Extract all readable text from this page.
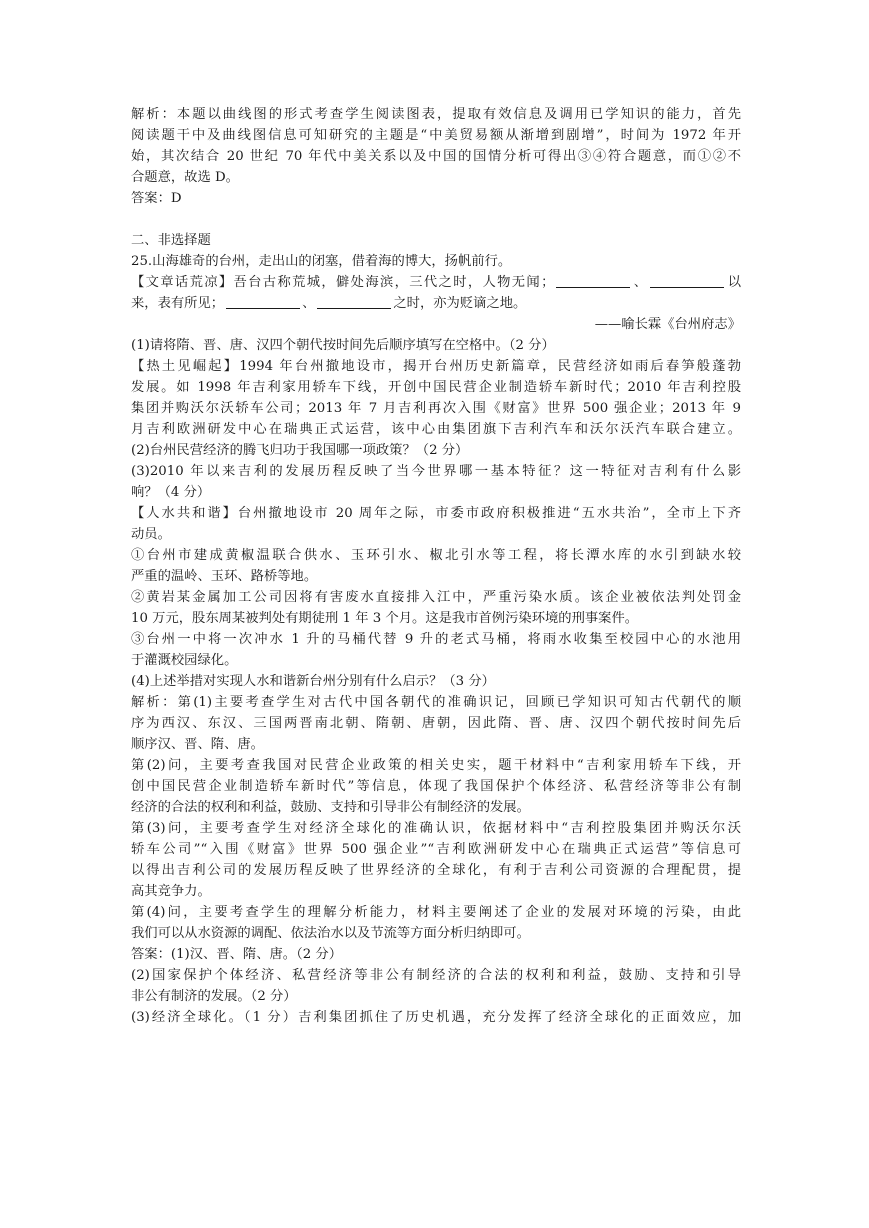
解析：本题以曲线图的形式考查学生阅读图表，提取有效信息及调用已学知识的能力，首先
阅读题干中及曲线图信息可知研究的主题是“中美贸易额从渐增到剧增”，时间为 1972 年开
始，其次结合 20 世纪 70 年代中美关系以及中国的国情分析可得出③④符合题意，而①②不
合题意，故选 D。
答案：D
二、非选择题
25.山海雄奇的台州，走出山的闭塞，借着海的博大，扬帆前行。
【文章话荒凉】吾台古称荒城，僻处海滨，三代之时，人物无闻；	、	以
来，表有所见；	、	之时，亦为贬谪之地。
——喻长霖《台州府志》
(1)请将隋、晋、唐、汉四个朝代按时间先后顺序填写在空格中。（2 分）
【热土见崛起】1994 年台州撤地设市，揭开台州历史新篇章，民营经济如雨后春笋般蓬勃
发展。如 1998 年吉利家用轿车下线，开创中国民营企业制造轿车新时代；2010 年吉利控股
集团并购沃尔沃轿车公司；2013 年 7 月吉利再次入围《财富》世界 500 强企业；2013 年 9
月吉利欧洲研发中心在瑞典正式运营，该中心由集团旗下吉利汽车和沃尔沃汽车联合建立。
(2)台州民营经济的腾飞归功于我国哪一项政策？（2 分）
(3)2010 年以来吉利的发展历程反映了当今世界哪一基本特征？这一特征对吉利有什么影
响？（4 分）
【人水共和谐】台州撤地设市 20 周年之际，市委市政府积极推进“五水共治”，全市上下齐
动员。
①台州市建成黄椒温联合供水、玉环引水、椒北引水等工程，将长潭水库的水引到缺水较
严重的温岭、玉环、路桥等地。
②黄岩某金属加工公司因将有害废水直接排入江中，严重污染水质。该企业被依法判处罚金
10 万元，股东周某被判处有期徒刑 1 年 3 个月。这是我市首例污染环境的刑事案件。
③台州一中将一次冲水 1 升的马桶代替 9 升的老式马桶，将雨水收集至校园中心的水池用
于灌溉校园绿化。
(4)上述举措对实现人水和谐新台州分别有什么启示？（3 分）
解析：第(1)主要考查学生对古代中国各朝代的准确识记，回顾已学知识可知古代朝代的顺
序为西汉、东汉、三国两晋南北朝、隋朝、唐朝，因此隋、晋、唐、汉四个朝代按时间先后
顺序汉、晋、隋、唐。
第(2)问，主要考查我国对民营企业政策的相关史实，题干材料中“吉利家用轿车下线，开
创中国民营企业制造轿车新时代”等信息，体现了我国保护个体经济、私营经济等非公有制
经济的合法的权利和利益，鼓励、支持和引导非公有制经济的发展。
第(3)问，主要考查学生对经济全球化的准确认识，依据材料中“吉利控股集团并购沃尔沃
轿车公司”“入围《财富》世界 500 强企业”“吉利欧洲研发中心在瑞典正式运营”等信息可
以得出吉利公司的发展历程反映了世界经济的全球化，有利于吉利公司资源的合理配贯，提
高其竞争力。
第(4)问，主要考查学生的理解分析能力，材料主要阐述了企业的发展对环境的污染，由此
我们可以从水资源的调配、依法治水以及节流等方面分析归纳即可。
答案：(1)汉、晋、隋、唐。（2 分）
(2)国家保护个体经济、私营经济等非公有制经济的合法的权利和利益，鼓励、支持和引导
非公有制济的发展。（2 分）
(3)经济全球化。（1 分）吉利集团抓住了历史机遇，充分发挥了经济全球化的正面效应，加
